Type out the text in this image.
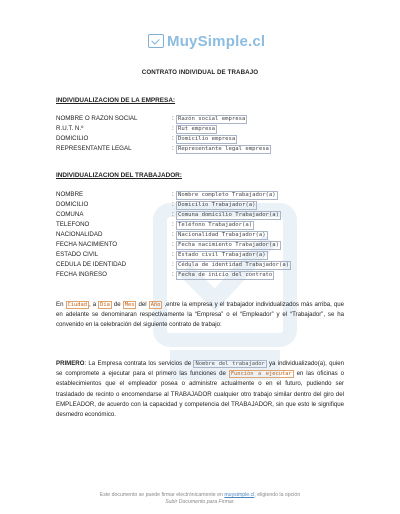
MuySimple.cl
CONTRATO INDIVIDUAL DE TRABAJO
INDIVIDUALIZACION DE LA EMPRESA:
NOMBRE O RAZON SOCIAL	: Razón social empresa
R.U.T. N.º	: Rut empresa
DOMICILIO	: Domicilio empresa
REPRESENTANTE LEGAL	: Representante legal empresa
INDIVIDUALIZACION DEL TRABAJADOR:
NOMBRE	: Nombre completo Trabajador(a)
DOMICILIO	: Domicilio Trabajador(a)
COMUNA	: Comuna domicilio Trabajador(a)
TELEFONO	: Teléfono Trabajador(a)
NACIONALIDAD	: Nacionalidad Trabajador(a)
FECHA NACIMIENTO	: Fecha nacimiento Trabajador(a)
ESTADO CIVIL	: Estado civil Trabajador(a)
CEDULA DE IDENTIDAD	: Cédula de identidad Trabajador(a)
FECHA INGRESO	: Fecha de inicio del contrato
En Ciudad , a Día de Mes del Año ,entre la empresa y el trabajador individualizados más arriba, que en adelante se denominaran respectivamente la “Empresa” o el “Empleador” y el “Trabajador”, se ha convenido en la celebración del siguiente contrato de trabajo:
PRIMERO: La Empresa contrata los servicios de Nombre del trabajador ya individualizado(a), quien se compromete a ejecutar para el primero las funciones de Función a ejecutar en las oficinas o establecimientos que el empleador posea o administre actualmente o en el futuro, pudiendo ser trasladado de recinto o encomendarse al TRABAJADOR cualquier otro trabajo similar dentro del giro del EMPLEADOR, de acuerdo con la capacidad y competencia del TRABAJADOR, sin que esto le signifique desmedro económico.
Este documento se puede firmar electrónicamente en muysimple.cl, eligiendo la opción
Subir Documento para Firmar.
